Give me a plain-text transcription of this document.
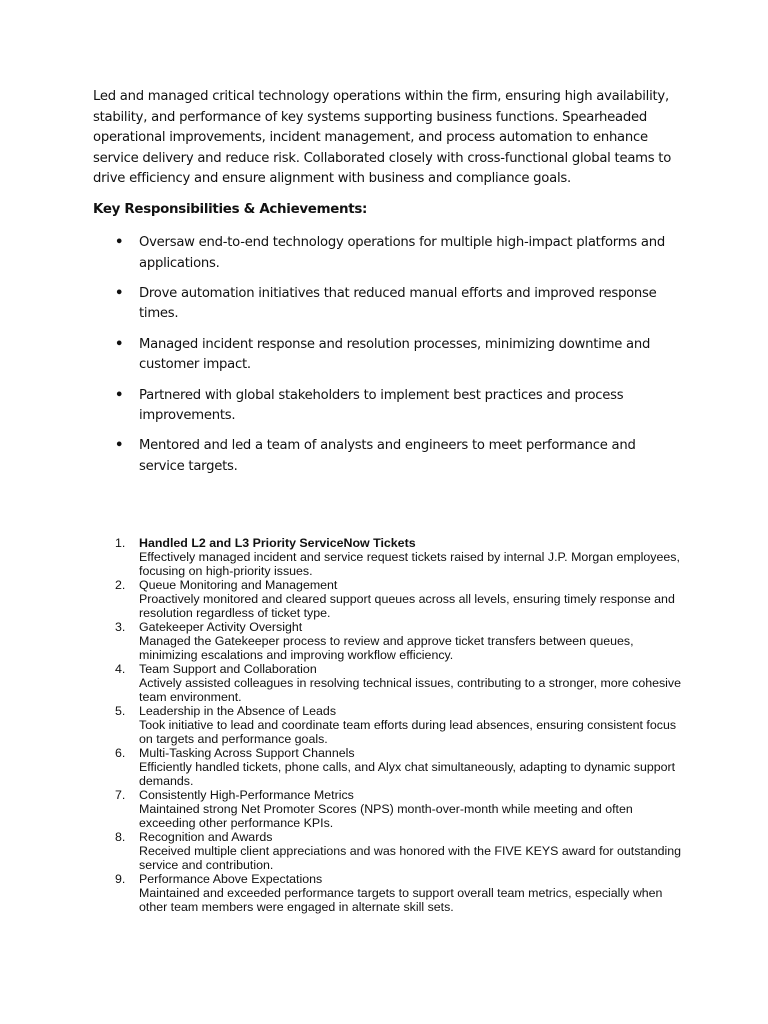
Led and managed critical technology operations within the firm, ensuring high availability, stability, and performance of key systems supporting business functions. Spearheaded operational improvements, incident management, and process automation to enhance service delivery and reduce risk. Collaborated closely with cross-functional global teams to drive efficiency and ensure alignment with business and compliance goals.

Key Responsibilities & Achievements:
• Oversaw end-to-end technology operations for multiple high-impact platforms and applications.
• Drove automation initiatives that reduced manual efforts and improved response times.
• Managed incident response and resolution processes, minimizing downtime and customer impact.
• Partnered with global stakeholders to implement best practices and process improvements.
• Mentored and led a team of analysts and engineers to meet performance and service targets.
1. Handled L2 and L3 Priority ServiceNow Tickets
Effectively managed incident and service request tickets raised by internal J.P. Morgan employees, focusing on high-priority issues.
2. Queue Monitoring and Management
Proactively monitored and cleared support queues across all levels, ensuring timely response and resolution regardless of ticket type.
3. Gatekeeper Activity Oversight
Managed the Gatekeeper process to review and approve ticket transfers between queues, minimizing escalations and improving workflow efficiency.
4. Team Support and Collaboration
Actively assisted colleagues in resolving technical issues, contributing to a stronger, more cohesive team environment.
5. Leadership in the Absence of Leads
Took initiative to lead and coordinate team efforts during lead absences, ensuring consistent focus on targets and performance goals.
6. Multi-Tasking Across Support Channels
Efficiently handled tickets, phone calls, and Alyx chat simultaneously, adapting to dynamic support demands.
7. Consistently High-Performance Metrics
Maintained strong Net Promoter Scores (NPS) month-over-month while meeting and often exceeding other performance KPIs.
8. Recognition and Awards
Received multiple client appreciations and was honored with the FIVE KEYS award for outstanding service and contribution.
9. Performance Above Expectations
Maintained and exceeded performance targets to support overall team metrics, especially when other team members were engaged in alternate skill sets.
